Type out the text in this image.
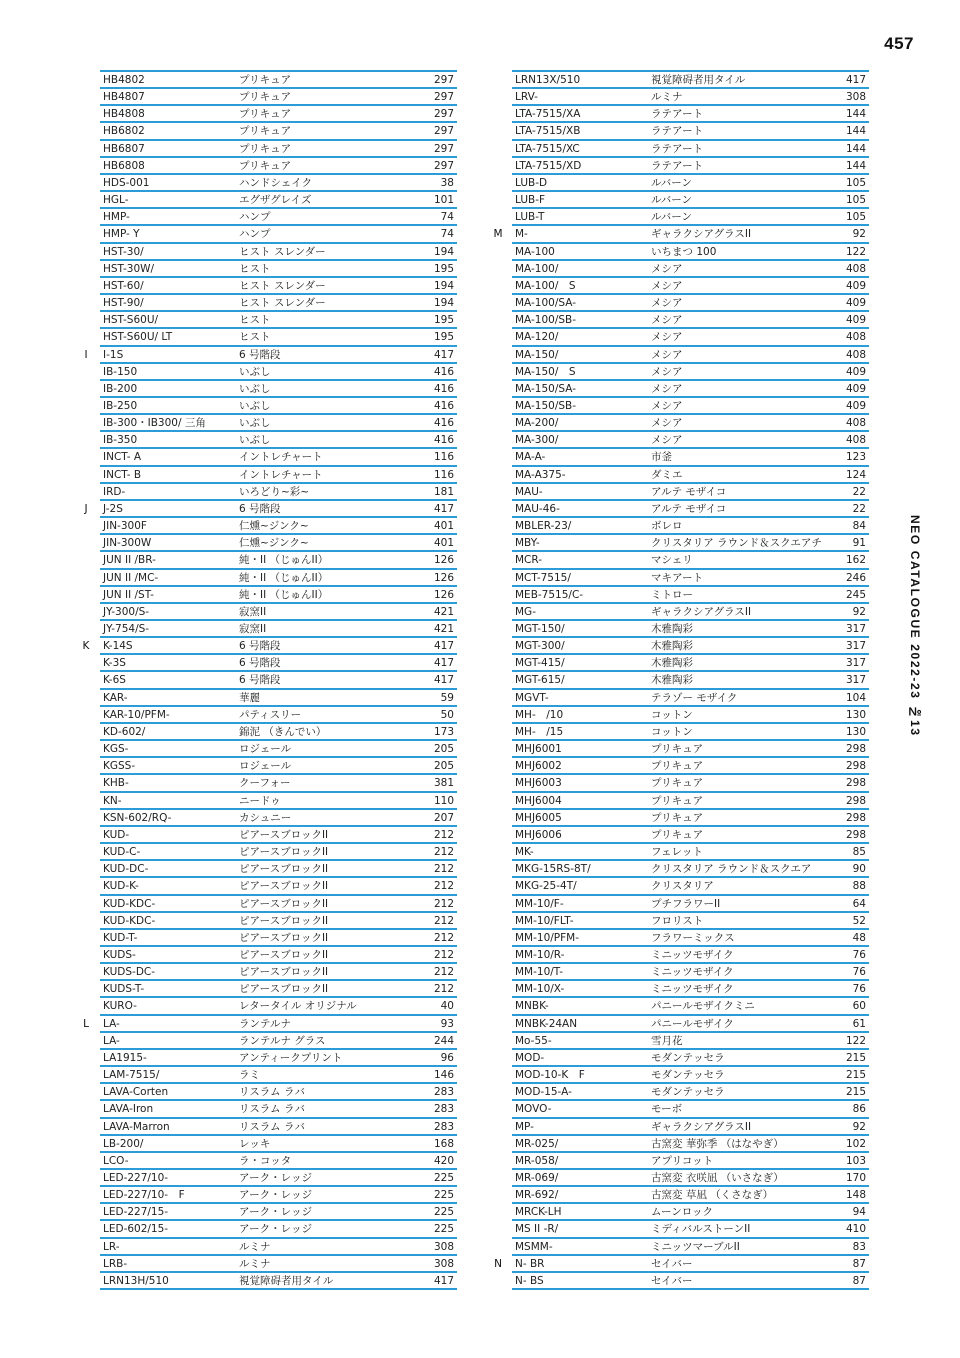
457
NEO CATALOGUE 2022-23 №13
HB4802	プリキュア	297
HB4807	プリキュア	297
HB4808	プリキュア	297
HB6802	プリキュア	297
HB6807	プリキュア	297
HB6808	プリキュア	297
HDS-001	ハンドシェイク	38
HGL-	エグザグレイズ	101
HMP-	ハンプ	74
HMP- Y	ハンプ	74
HST-30/	ヒスト スレンダー	194
HST-30W/	ヒスト	195
HST-60/	ヒスト スレンダー	194
HST-90/	ヒスト スレンダー	194
HST-S60U/	ヒスト	195
HST-S60U/ LT	ヒスト	195
I	I-1S	6 号階段	417
IB-150	いぶし	416
IB-200	いぶし	416
IB-250	いぶし	416
IB-300・IB300/ 三角	いぶし	416
IB-350	いぶし	416
INCT- A	イントレチャート	116
INCT- B	イントレチャート	116
IRD-	いろどり~彩~	181
J	J-2S	6 号階段	417
JIN-300F	仁燻~ジンク~	401
JIN-300W	仁燻~ジンク~	401
JUN II /BR-	純・II （じゅんII）	126
JUN II /MC-	純・II （じゅんII）	126
JUN II /ST-	純・II （じゅんII）	126
JY-300/S-	寂窯II	421
JY-754/S-	寂窯II	421
K K-14S	6 号階段	417
K-3S	6 号階段	417
K-6S	6 号階段	417
KAR-	華麗	59
KAR-10/PFM-	パティスリー	50
KD-602/	錦泥 （きんでい）	173
KGS-	ロジェール	205
KGSS-	ロジェール	205
KHB-	クーフォー	381
KN-	ニードゥ	110
KSN-602/RQ-	カシュニー	207
KUD-	ピアースブロックII	212
KUD-C-	ピアースブロックII	212
KUD-DC-	ピアースブロックII	212
KUD-K-	ピアースブロックII	212
KUD-KDC-	ピアースブロックII	212
KUD-KDC-	ピアースブロックII	212
KUD-T-	ピアースブロックII	212
KUDS-	ピアースブロックII	212
KUDS-DC-	ピアースブロックII	212
KUDS-T-	ピアースブロックII	212
KURO-	レタータイル オリジナル	40
L LA-	ランテルナ	93
LA-	ランテルナ グラス	244
LA1915-	アンティークプリント	96
LAM-7515/	ラミ	146
LAVA-Corten	リスラム ラバ	283
LAVA-Iron	リスラム ラバ	283
LAVA-Marron	リスラム ラバ	283
LB-200/	レッキ	168
LCO-	ラ・コッタ	420
LED-227/10-	アーク・レッジ	225
LED-227/10-　F	アーク・レッジ	225
LED-227/15-	アーク・レッジ	225
LED-602/15-	アーク・レッジ	225
LR-	ルミナ	308
LRB-	ルミナ	308
LRN13H/510	視覚障碍者用タイル	417
LRN13X/510	視覚障碍者用タイル	417
LRV-	ルミナ	308
LTA-7515/XA	ラテアート	144
LTA-7515/XB	ラテアート	144
LTA-7515/XC	ラテアート	144
LTA-7515/XD	ラテアート	144
LUB-D	ルバーン	105
LUB-F	ルバーン	105
LUB-T	ルバーン	105
M M-	ギャラクシアグラスII	92
MA-100	いちまつ 100	122
MA-100/	メシア	408
MA-100/　S	メシア	409
MA-100/SA-	メシア	409
MA-100/SB-	メシア	409
MA-120/	メシア	408
MA-150/	メシア	408
MA-150/　S	メシア	409
MA-150/SA-	メシア	409
MA-150/SB-	メシア	409
MA-200/	メシア	408
MA-300/	メシア	408
MA-A-	市釜	123
MA-A375-	ダミエ	124
MAU-	アルテ モザイコ	22
MAU-46-	アルテ モザイコ	22
MBLER-23/	ボレロ	84
MBY-	クリスタリア ラウンド＆スクエアチ	91
MCR-	マシェリ	162
MCT-7515/	マキアート	246
MEB-7515/C-	ミトロー	245
MG-	ギャラクシアグラスII	92
MGT-150/	木雅陶彩	317
MGT-300/	木雅陶彩	317
MGT-415/	木雅陶彩	317
MGT-615/	木雅陶彩	317
MGVT-	テラゾー モザイク	104
MH-　/10	コットン	130
MH-　/15	コットン	130
MHJ6001	プリキュア	298
MHJ6002	プリキュア	298
MHJ6003	プリキュア	298
MHJ6004	プリキュア	298
MHJ6005	プリキュア	298
MHJ6006	プリキュア	298
MK-	フェレット	85
MKG-15RS-8T/	クリスタリア ラウンド＆スクエア	90
MKG-25-4T/	クリスタリア	88
MM-10/F-	プチフラワーII	64
MM-10/FLT-	フロリスト	52
MM-10/PFM-	フラワーミックス	48
MM-10/R-	ミニッツモザイク	76
MM-10/T-	ミニッツモザイク	76
MM-10/X-	ミニッツモザイク	76
MNBK-	パニールモザイクミニ	60
MNBK-24AN	パニールモザイク	61
Mo-55-	雪月花	122
MOD-	モダンテッセラ	215
MOD-10-K　F	モダンテッセラ	215
MOD-15-A-	モダンテッセラ	215
MOVO-	モーボ	86
MP-	ギャラクシアグラスII	92
MR-025/	古窯変 華弥季 （はなやぎ）	102
MR-058/	アプリコット	103
MR-069/	古窯変 衣咲凪 （いさなぎ）	170
MR-692/	古窯変 草凪 （くさなぎ）	148
MRCK-LH	ムーンロック	94
MS II -R/	ミディバルストーンII	410
MSMM-	ミニッツマーブルII	83
N N- BR	セイバー	87
N- BS	セイバー	87
